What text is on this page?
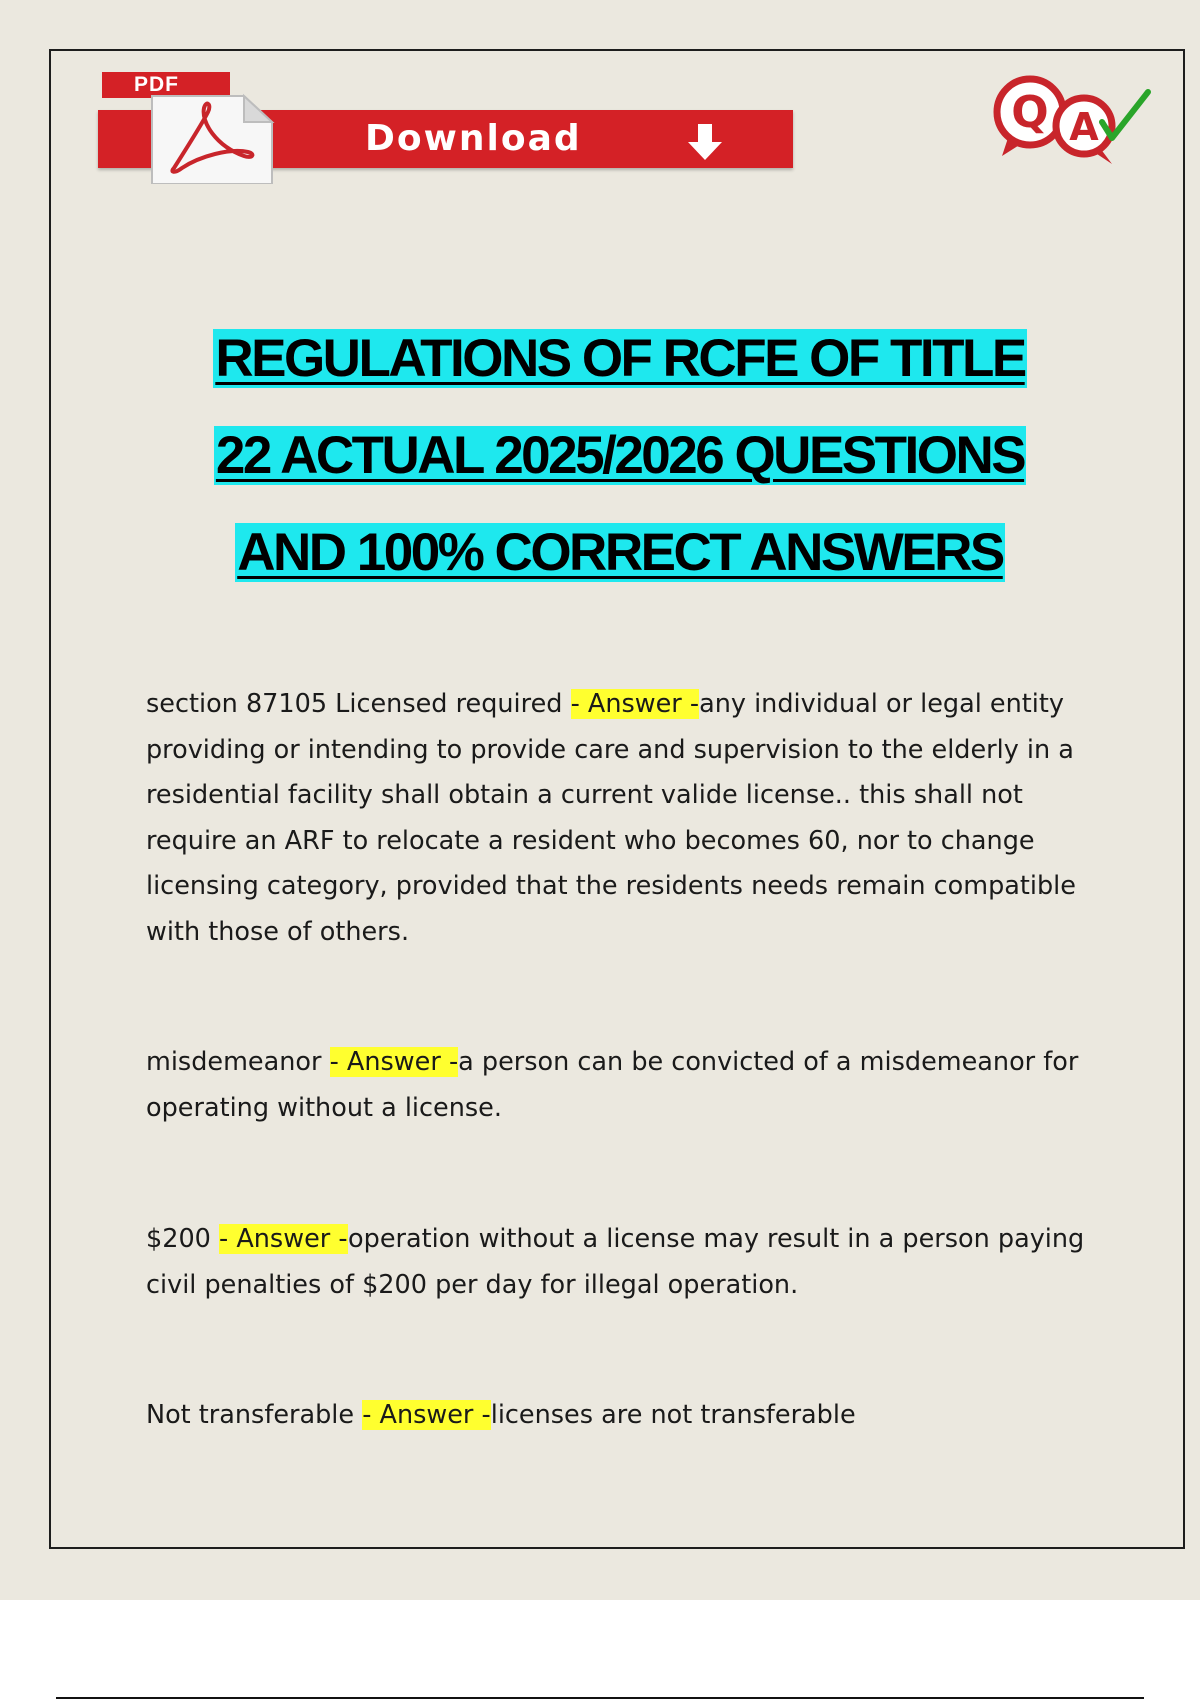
PDF
Download
Q A
REGULATIONS OF RCFE OF TITLE
22 ACTUAL 2025/2026 QUESTIONS
AND 100% CORRECT ANSWERS

section 87105 Licensed required - Answer -any individual or legal entity providing or intending to provide care and supervision to the elderly in a residential facility shall obtain a current valide license.. this shall not require an ARF to relocate a resident who becomes 60, nor to change licensing category, provided that the residents needs remain compatible with those of others.

misdemeanor - Answer -a person can be convicted of a misdemeanor for operating without a license.

$200 - Answer -operation without a license may result in a person paying civil penalties of $200 per day for illegal operation.

Not transferable - Answer -licenses are not transferable
